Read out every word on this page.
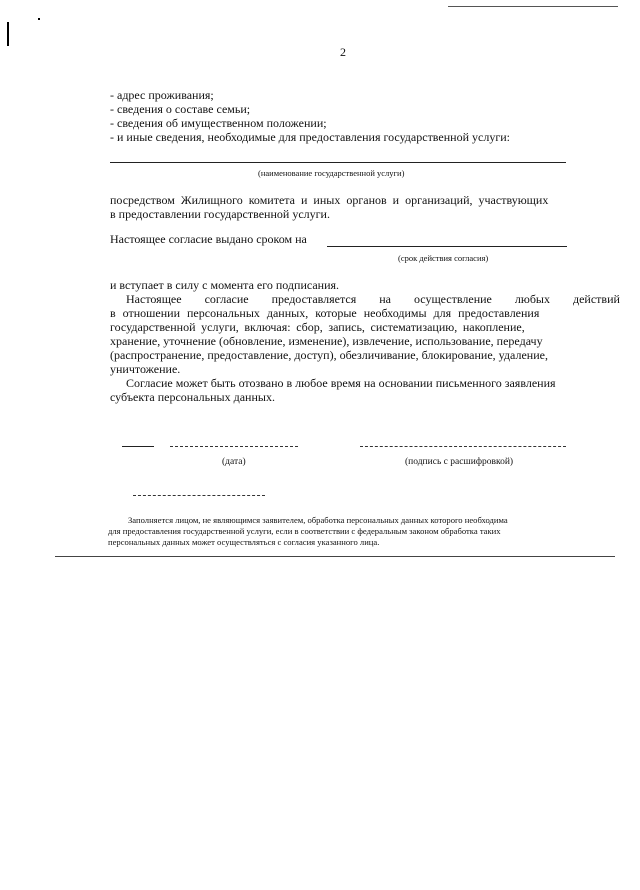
2
- адрес проживания;
- сведения о составе семьи;
- сведения об имущественном положении;
- и иные сведения, необходимые для предоставления государственной услуги:
(наименование государственной услуги)
посредством Жилищного комитета и иных органов и организаций, участвующих
в предоставлении государственной услуги.
Настоящее согласие выдано сроком на
(срок действия согласия)
и вступает в силу с момента его подписания.
Настоящее согласие предоставляется на осуществление любых действий
в отношении персональных данных, которые необходимы для предоставления
государственной услуги, включая: сбор, запись, систематизацию, накопление,
хранение, уточнение (обновление, изменение), извлечение, использование, передачу
(распространение, предоставление, доступ), обезличивание, блокирование, удаление,
уничтожение.
Согласие может быть отозвано в любое время на основании письменного заявления
субъекта персональных данных.
(дата)	(подпись с расшифровкой)
Заполняется лицом, не являющимся заявителем, обработка персональных данных которого необходима
для предоставления государственной услуги, если в соответствии с федеральным законом обработка таких
персональных данных может осуществляться с согласия указанного лица.
